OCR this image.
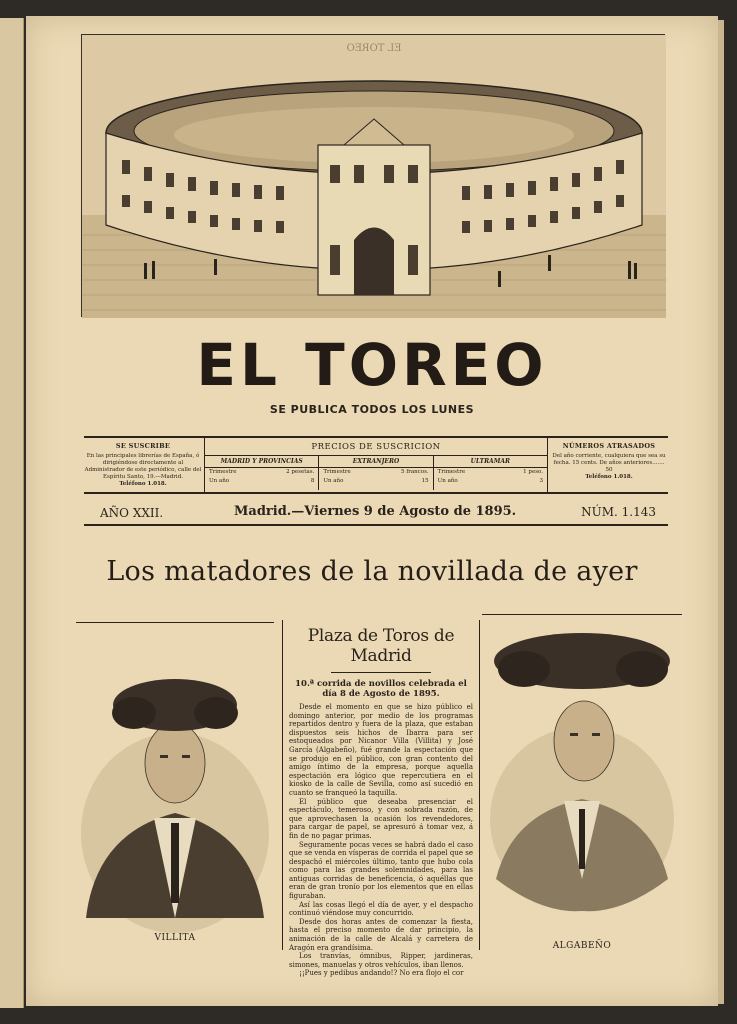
EL TOREO
EL TOREO
SE PUBLICA TODOS LOS LUNES
SE SUSCRIBE
En las principales librerías de España, ó dirigiéndose directamente al Administrador de este periódico, calle del Espíritu Santo, 19.—Madrid.
Teléfono 1.018.
PRECIOS DE SUSCRICION
MADRID Y PROVINCIAS
Trimestre	2 pesetas.
Un año	8
EXTRANJERO
Trimestre	5 francos.
Un año	15
ULTRAMAR
Trimestre	1 peso.
Un año	3
NÚMEROS ATRASADOS
Del año corriente, cualquiera que sea su fecha. 15 cents. De años anteriores....... 50
Teléfono 1.018.
AÑO XXII.	Madrid.—Viernes 9 de Agosto de 1895.	NÚM. 1.143
Los matadores de la novillada de ayer
VILLITA
Plaza de Toros de Madrid
10.ª corrida de novillos celebrada el día 8 de Agosto de 1895.

Desde el momento en que se hizo público el domingo anterior, por medio de los programas repartidos dentro y fuera de la plaza, que estaban dispuestos seis hichos de Ibarra para ser estoqueados por Nicanor Villa (Villita) y José García (Algabeño), fué grande la espectación que se produjo en el público, con gran contento del amigo íntimo de la empresa, porque aquella espectación era lógico que repercutiera en el kiosko de la calle de Sevilla, como así sucedió en cuanto se franqueó la taquilla.

El público que deseaba presenciar el espectáculo, temeroso, y con sobrada razón, de que aprovechasen la ocasión los revendedores, para cargar de papel, se apresuró á tomar vez, á fin de no pagar primas.

Seguramente pocas veces se habrá dado el caso que se venda en vísperas de corrida el papel que se despachó el miércoles último, tanto que hubo cola como para las grandes solemnidades, para las antiguas corridas de beneficencia, ó aquéllas que eran de gran tronío por los elementos que en ellas figuraban.

Así las cosas llegó el día de ayer, y el despacho continuó viéndose muy concurrido.

Desde dos horas antes de comenzar la fiesta, hasta el preciso momento de dar principio, la animación de la calle de Alcalá y carretera de Aragón era grandísima.

Los tranvías, ómnibus, Ripper, jardineras, simones, manuelas y otros vehículos, iban llenos.

¡¡Pues y pedibus andando!? No era flojo el cor

ALGABEÑO
